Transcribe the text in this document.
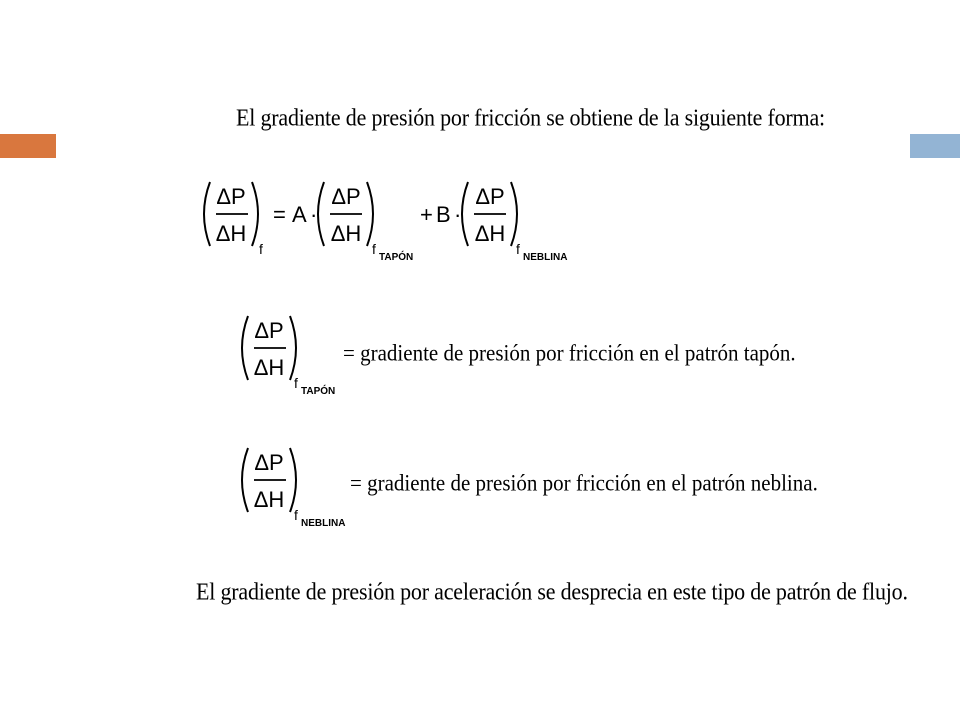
El gradiente de presión por fricción se obtiene de la siguiente forma:
ΔP
ΔH
f
= A ·
ΔP
ΔH
f
TAPÓN
+ B ·
ΔP
ΔH
f
NEBLINA
ΔP
ΔH
f
TAPÓN
= gradiente de presión por fricción en el patrón tapón.
ΔP
ΔH
f
NEBLINA
= gradiente de presión por fricción en el patrón neblina.
El gradiente de presión por aceleración se desprecia en este tipo de patrón de flujo.
